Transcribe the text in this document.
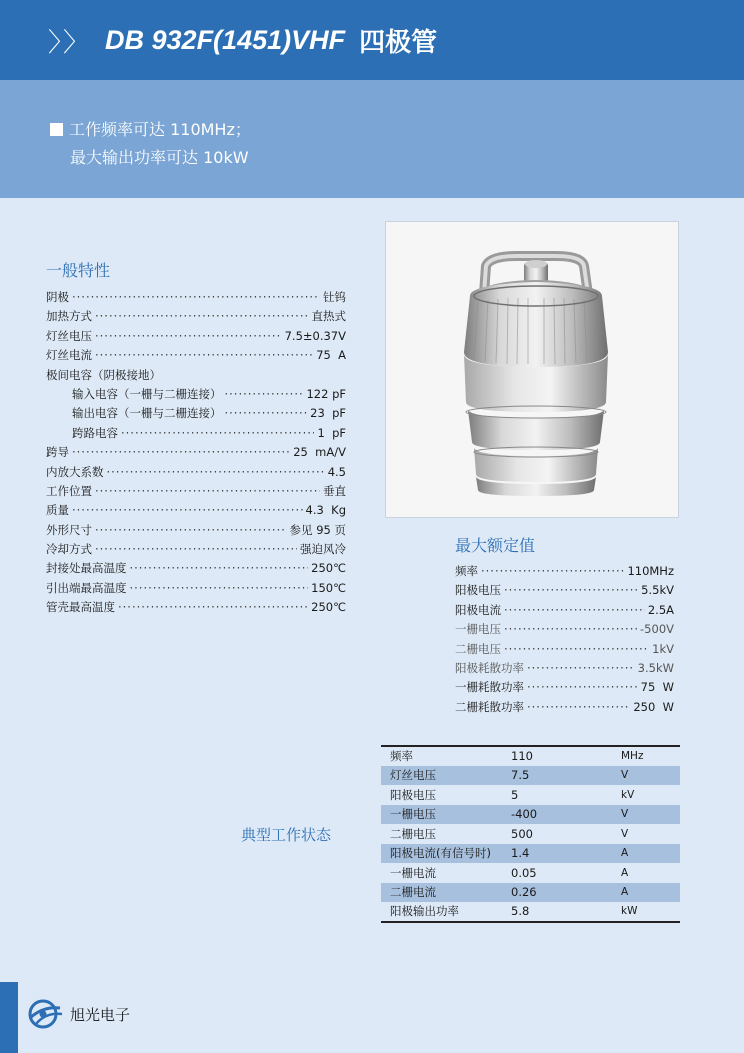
〉〉 DB 932F(1451)VHF 四极管
工作频率可达 110MHz；
最大输出功率可达 10kW
一般特性
阴极 ·····	钍钨
加热方式 ·····	直热式
灯丝电压 ·····	7.5±0.37V
灯丝电流 ·····	75  A
极间电容（阴极接地）
输入电容（一栅与二栅连接） ·····	122 pF
输出电容（一栅与二栅连接） ·····	23  pF
跨路电容 ·····	1  pF
跨导 ·····	25  mA/V
内放大系数 ·····	4.5
工作位置 ·····	垂直
质量 ·····	4.3  Kg
外形尺寸 ·····	参见 95 页
冷却方式 ·····	强迫风冷
封接处最高温度 ·····	250℃
引出端最高温度 ·····	150℃
管壳最高温度 ·····	250℃
最大额定值
频率 ·····	110MHz
阳极电压 ·····	5.5kV
阳极电流 ·····	2.5A
一栅电压 ·····	-500V
二栅电压 ·····	1kV
阳极耗散功率 ·····	3.5kW
一栅耗散功率 ·····	75  W
二栅耗散功率 ·····	250  W
典型工作状态
频率	110	MHz
灯丝电压	7.5	V
阳极电压	5	kV
一栅电压	-400	V
二栅电压	500	V
阳极电流(有信号时)	1.4	A
一栅电流	0.05	A
二栅电流	0.26	A
阳极输出功率	5.8	kW
旭光电子
